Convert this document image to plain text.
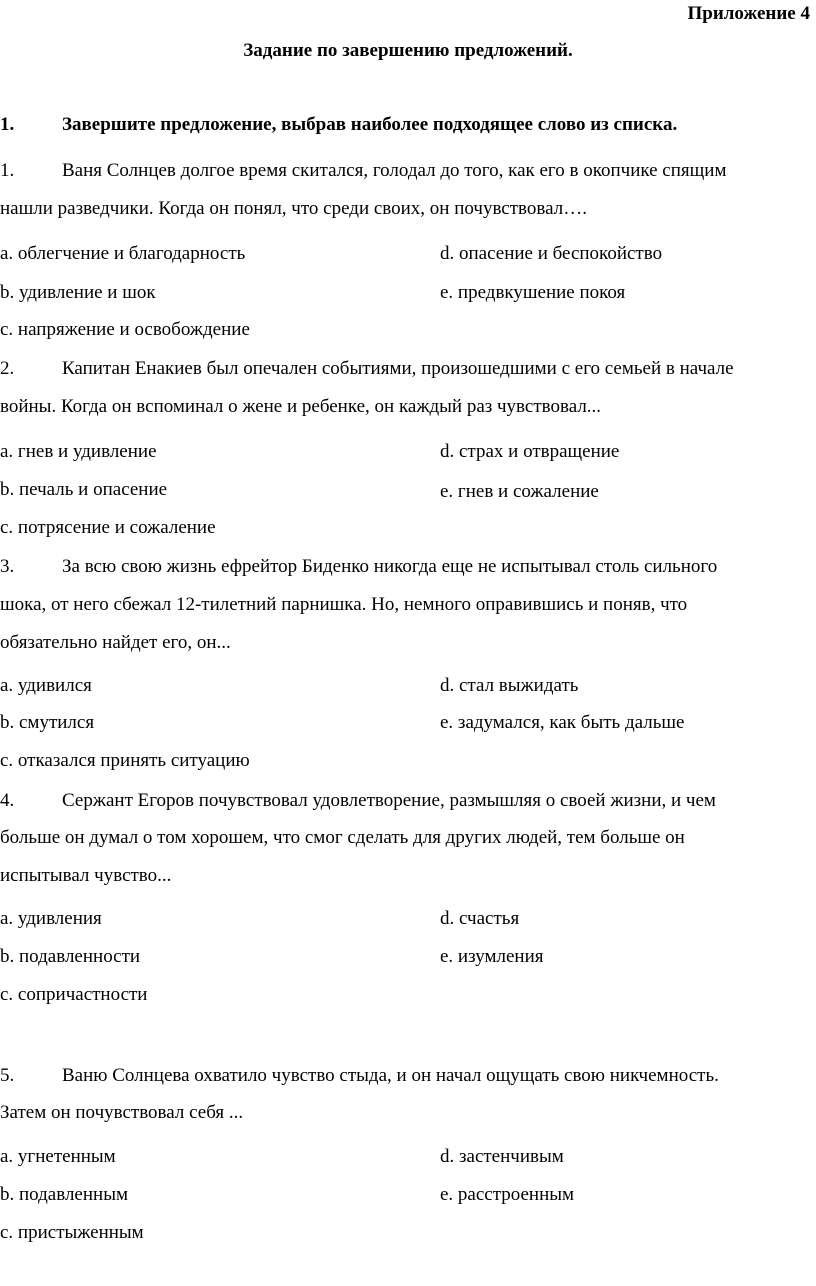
Приложение 4
Задание по завершению предложений.
1.	Завершите предложение, выбрав наиболее подходящее слово из списка.
1.	Ваня Солнцев долгое время скитался, голодал до того, как его в окопчике спящим
нашли разведчики. Когда он понял, что среди своих, он почувствовал….
a. облегчение и благодарность	d. опасение и беспокойство
b. удивление и шок	e. предвкушение покоя
c. напряжение и освобождение
2.	Капитан Енакиев был опечален событиями, произошедшими с его семьей в начале
войны. Когда он вспоминал о жене и ребенке, он каждый раз чувствовал...
a. гнев и удивление	d. страх и отвращение
b. печаль и опасение	e. гнев и сожаление
c. потрясение и сожаление
3.	За всю свою жизнь ефрейтор Биденко никогда еще не испытывал столь сильного
шока, от него сбежал 12-тилетний парнишка. Но, немного оправившись и поняв, что
обязательно найдет его, он...
a. удивился	d. стал выжидать
b. смутился	e. задумался, как быть дальше
c. отказался принять ситуацию
4.	Сержант Егоров почувствовал удовлетворение, размышляя о своей жизни, и чем
больше он думал о том хорошем, что смог сделать для других людей, тем больше он
испытывал чувство...
a. удивления	d. счастья
b. подавленности	e. изумления
c. сопричастности
5.	Ваню Солнцева охватило чувство стыда, и он начал ощущать свою никчемность.
Затем он почувствовал себя ...
a. угнетенным	d. застенчивым
b. подавленным	e. расстроенным
c. пристыженным
